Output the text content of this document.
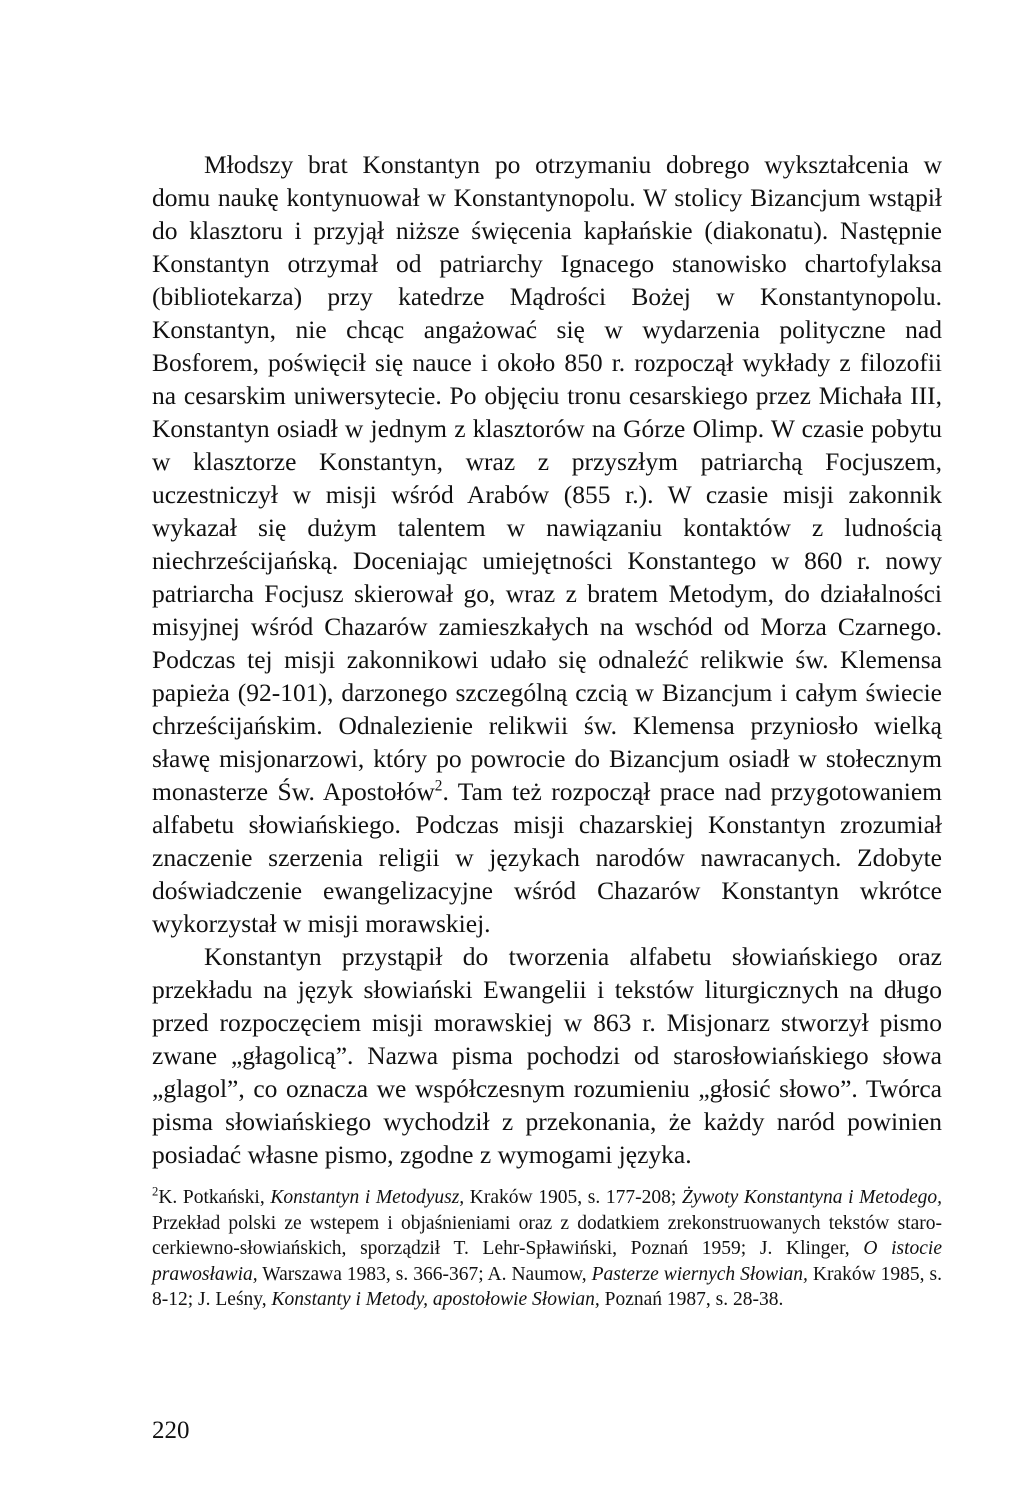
Młodszy brat Konstantyn po otrzymaniu dobrego wykształcenia w domu naukę kontynuował w Konstantynopolu. W stolicy Bizancjum wstąpił do klasztoru i przyjął niższe święcenia kapłańskie (diakonatu). Następnie Konstantyn otrzymał od patriarchy Ignacego stanowisko chartofylaksa (bibliotekarza) przy katedrze Mądrości Bożej w Konstantynopolu. Konstantyn, nie chcąc angażować się w wydarzenia polityczne nad Bosforem, poświęcił się nauce i około 850 r. rozpoczął wykłady z filozofii na cesarskim uniwersytecie. Po objęciu tronu cesarskiego przez Michała III, Konstantyn osiadł w jednym z klasztorów na Górze Olimp. W czasie pobytu w klasztorze Konstantyn, wraz z przyszłym patriarchą Focjuszem, uczestniczył w misji wśród Arabów (855 r.). W czasie misji zakonnik wykazał się dużym talentem w nawiązaniu kontaktów z ludnością niechrześcijańską. Doceniając umiejętności Konstantego w 860 r. nowy patriarcha Focjusz skierował go, wraz z bratem Metodym, do działalności misyjnej wśród Chazarów zamieszkałych na wschód od Morza Czarnego. Podczas tej misji zakonnikowi udało się odnaleźć relikwie św. Klemensa papieża (92-101), darzonego szczególną czcią w Bizancjum i całym świecie chrześcijańskim. Odnalezienie relikwii św. Klemensa przyniosło wielką sławę misjonarzowi, który po powrocie do Bizancjum osiadł w stołecznym monasterze Św. Apostołów$^2$. Tam też rozpoczął prace nad przygotowaniem alfabetu słowiańskiego. Podczas misji chazarskiej Konstantyn zrozumiał znaczenie szerzenia religii w językach narodów nawracanych. Zdobyte doświadczenie ewangelizacyjne wśród Chazarów Konstantyn wkrótce wykorzystał w misji morawskiej.

Konstantyn przystąpił do tworzenia alfabetu słowiańskiego oraz przekładu na język słowiański Ewangelii i tekstów liturgicznych na długo przed rozpoczęciem misji morawskiej w 863 r. Misjonarz stworzył pismo zwane „głagolicą”. Nazwa pisma pochodzi od starosłowiańskiego słowa „glagol”, co oznacza we współczesnym rozumieniu „głosić słowo”. Twórca pisma słowiańskiego wychodził z przekonania, że każdy naród powinien posiadać własne pismo, zgodne z wymogami języka.

$^2$K. Potkański, Konstantyn i Metodyusz, Kraków 1905, s. 177-208; Żywoty Konstantyna i Metodego, Przekład polski ze wstepem i objaśnieniami oraz z dodatkiem zrekonstruowanych tekstów staro-cerkiewno-słowiańskich, sporządził T. Lehr-Spławiński, Poznań 1959; J. Klinger, O istocie prawosławia, Warszawa 1983, s. 366-367; A. Naumow, Pasterze wiernych Słowian, Kraków 1985, s. 8-12; J. Leśny, Konstanty i Metody, apostołowie Słowian, Poznań 1987, s. 28-38.
220
